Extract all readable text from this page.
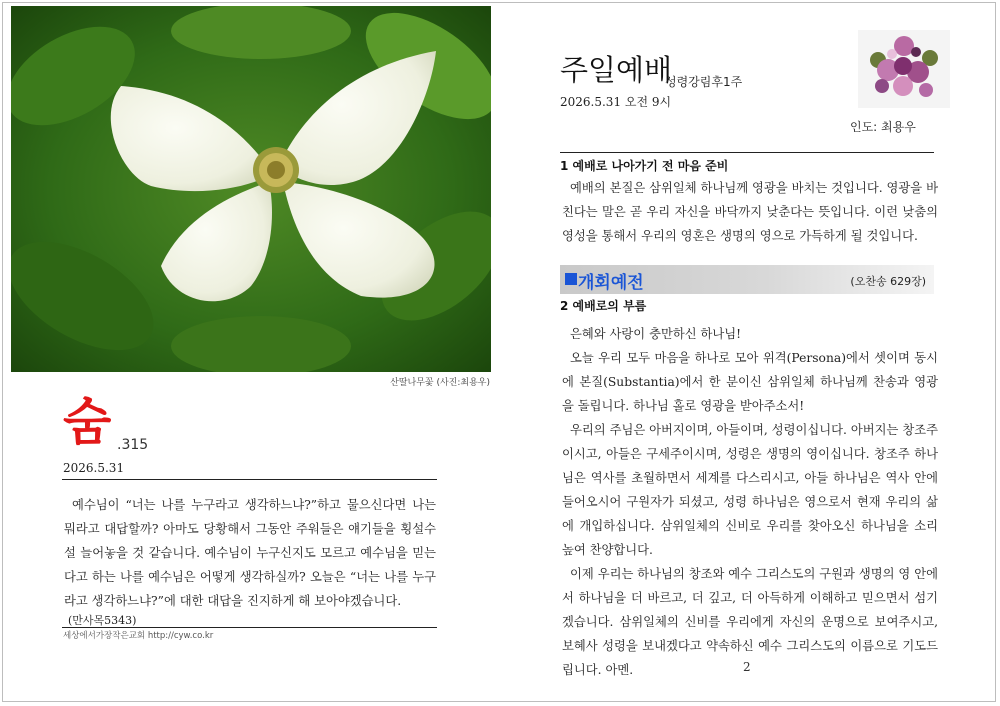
산딸나무꽃 (사진:최용우)
숨 .315
2026.5.31

예수님이 “너는 나를 누구라고 생각하느냐?”하고 물으신다면 나는 뭐라고 대답할까? 아마도 당황해서 그동안 주워들은 얘기들을 횡설수설 늘어놓을 것 같습니다. 예수님이 누구신지도 모르고 예수님을 믿는다고 하는 나를 예수님은 어떻게 생각하실까? 오늘은 “너는 나를 누구라고 생각하느냐?”에 대한 대답을 진지하게 해 보아야겠습니다.

(만사목5343)
세상에서가장작은교회 http://cyw.co.kr
주일예배
성령강림후1주
2026.5.31 오전 9시
인도: 최용우
1 예배로 나아가기 전 마음 준비

예배의 본질은 삼위일체 하나님께 영광을 바치는 것입니다. 영광을 바친다는 말은 곧 우리 자신을 바닥까지 낮춘다는 뜻입니다. 이런 낮춤의 영성을 통해서 우리의 영혼은 생명의 영으로 가득하게 될 것입니다.

개회예전	(오찬송 629장)
2 예배로의 부름

은혜와 사랑이 충만하신 하나님!

오늘 우리 모두 마음을 하나로 모아 위격(Persona)에서 셋이며 동시에 본질(Substantia)에서 한 분이신 삼위일체 하나님께 찬송과 영광을 돌립니다. 하나님 홀로 영광을 받아주소서!

우리의 주님은 아버지이며, 아들이며, 성령이십니다. 아버지는 창조주이시고, 아들은 구세주이시며, 성령은 생명의 영이십니다. 창조주 하나님은 역사를 초월하면서 세계를 다스리시고, 아들 하나님은 역사 안에 들어오시어 구원자가 되셨고, 성령 하나님은 영으로서 현재 우리의 삶에 개입하십니다. 삼위일체의 신비로 우리를 찾아오신 하나님을 소리 높여 찬양합니다.

이제 우리는 하나님의 창조와 예수 그리스도의 구원과 생명의 영 안에서 하나님을 더 바르고, 더 깊고, 더 아득하게 이해하고 믿으면서 섬기겠습니다. 삼위일체의 신비를 우리에게 자신의 운명으로 보여주시고, 보혜사 성령을 보내겠다고 약속하신 예수 그리스도의 이름으로 기도드립니다. 아멘.	2
